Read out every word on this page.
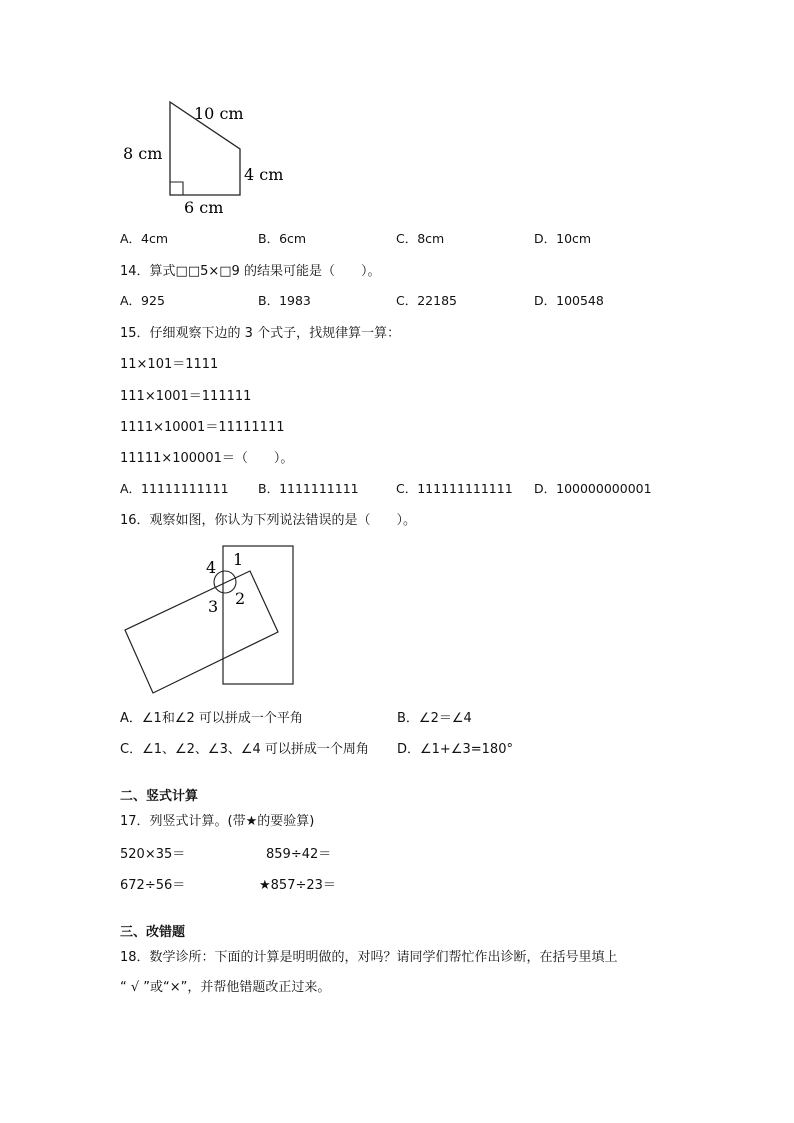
10 cm
8 cm
4 cm
6 cm
A．4cm	B．6cm	C．8cm	D．10cm
14．算式□□5×□9 的结果可能是（　　）。
A．925	B．1983	C．22185	D．100548
15．仔细观察下边的 3 个式子，找规律算一算：
11×101＝1111
111×1001＝111111
1111×10001＝11111111
11111×100001＝（　　）。
A．11111111111 B．1111111111	C．111111111111 D．100000000001
16．观察如图，你认为下列说法错误的是（　　）。
1
2
3
4
A．∠1和∠2 可以拼成一个平角	B．∠2＝∠4
C．∠1、∠2、∠3、∠4 可以拼成一个周角 D．∠1+∠3=180°
二、竖式计算
17．列竖式计算。(带★的要验算)
520×35＝	859÷42＝
672÷56＝	★857÷23＝
三、改错题
18．数学诊所：下面的计算是明明做的，对吗？请同学们帮忙作出诊断，在括号里填上
“ √ ”或“×”，并帮他错题改正过来。
